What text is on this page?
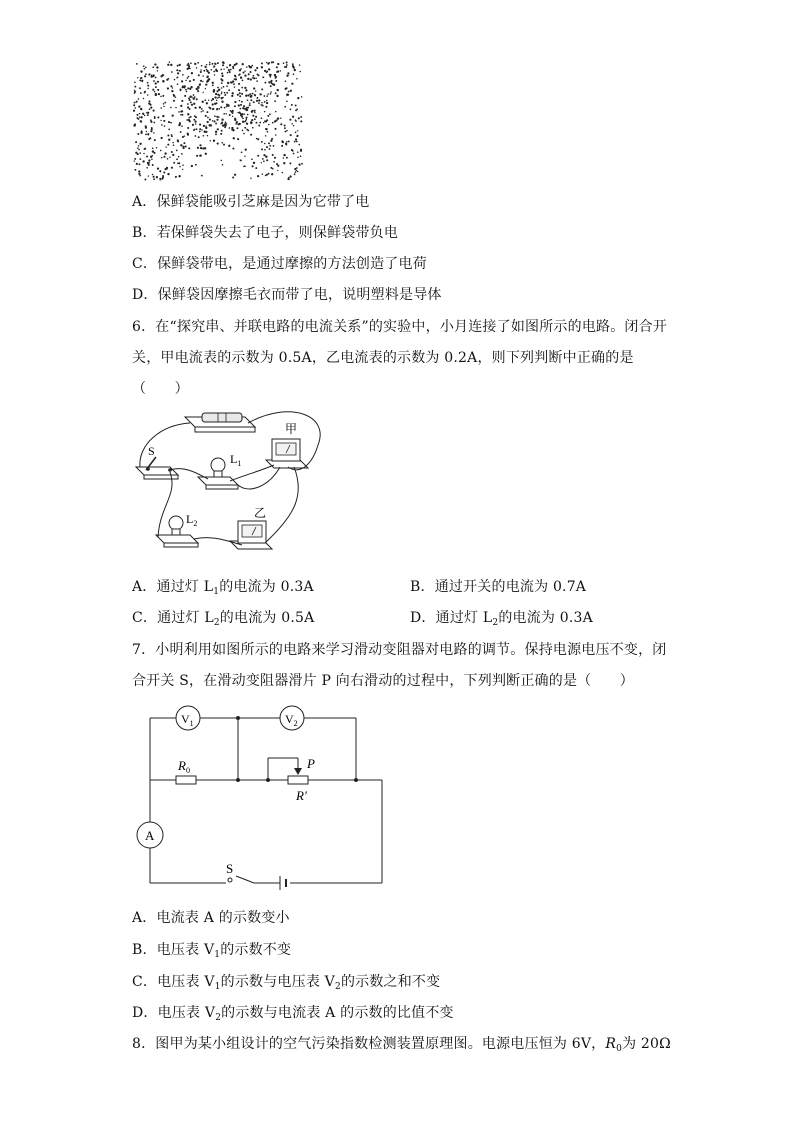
A．保鲜袋能吸引芝麻是因为它带了电
B．若保鲜袋失去了电子，则保鲜袋带负电
C．保鲜袋带电，是通过摩擦的方法创造了电荷
D．保鲜袋因摩擦毛衣而带了电，说明塑料是导体
6．在“探究串、并联电路的电流关系”的实验中，小月连接了如图所示的电路。闭合开
关，甲电流表的示数为 0.5A，乙电流表的示数为 0.2A，则下列判断中正确的是
（　　）
S
$L_1$
甲
$L_2$
乙
A．通过灯 $L_1$的电流为 0.3A	B．通过开关的电流为 0.7A
C．通过灯 $L_2$的电流为 0.5A	D．通过灯 $L_2$的电流为 0.3A
7．小明利用如图所示的电路来学习滑动变阻器对电路的调节。保持电源电压不变，闭
合开关 S，在滑动变阻器滑片 P 向右滑动的过程中，下列判断正确的是（　　）
$V_1$	$V_2$
A
$R_0$	P
R′
S
A．电流表 A 的示数变小
B．电压表 $V_1$的示数不变
C．电压表 $V_1$的示数与电压表 $V_2$的示数之和不变
D．电压表 $V_2$的示数与电流表 A 的示数的比值不变
8．图甲为某小组设计的空气污染指数检测装置原理图。电源电压恒为 6V，$R_0$为 20Ω
